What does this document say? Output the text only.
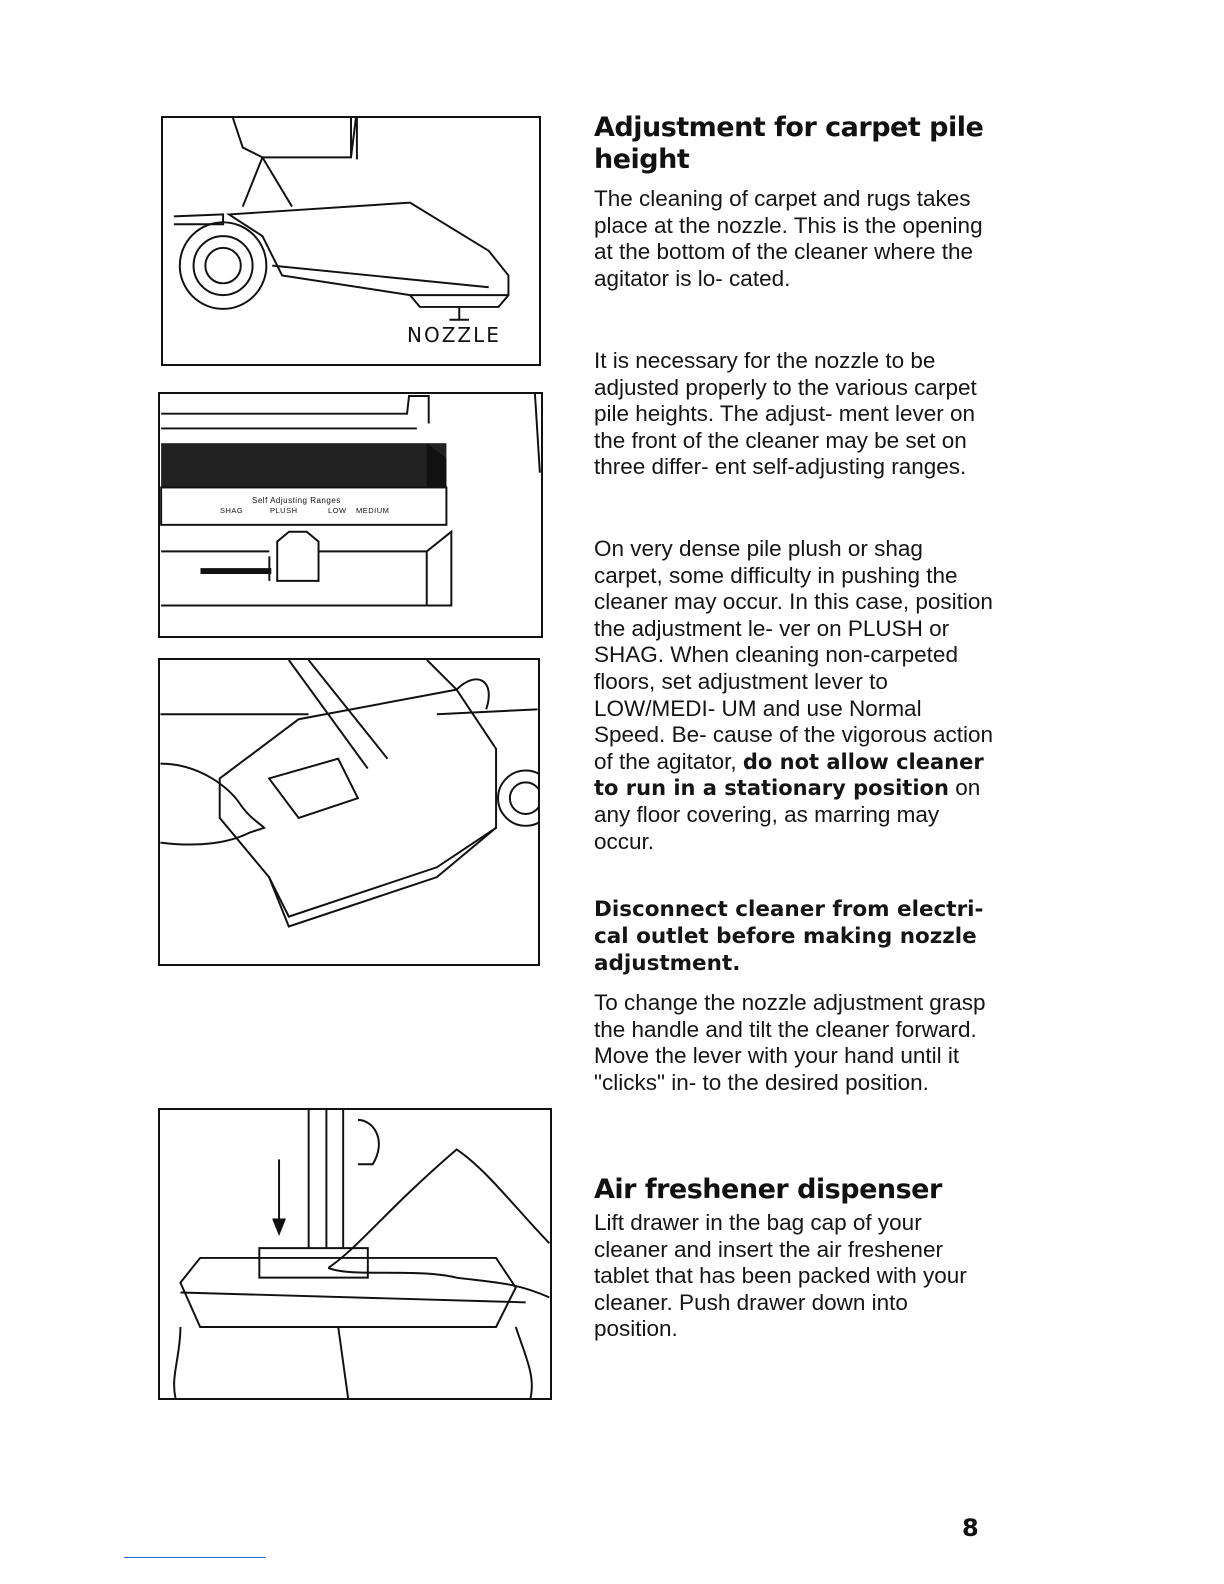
NOZZLE
Self Adjusting Ranges
SHAG	PLUSH	LOW MEDIUM
Adjustment for carpet pile height

The cleaning of carpet and rugs takes place at the nozzle. This is the opening at the bottom of the cleaner where the agitator is lo- cated.

It is necessary for the nozzle to be adjusted properly to the various carpet pile heights. The adjust- ment lever on the front of the cleaner may be set on three differ- ent self-adjusting ranges.

On very dense pile plush or shag carpet, some difficulty in pushing the cleaner may occur. In this case, position the adjustment le- ver on PLUSH or SHAG. When cleaning non-carpeted floors, set adjustment lever to LOW/MEDI- UM and use Normal Speed. Be- cause of the vigorous action of the agitator, do not allow cleaner to run in a stationary position on any floor covering, as marring may occur.

Disconnect cleaner from electri- cal outlet before making nozzle adjustment.

To change the nozzle adjustment grasp the handle and tilt the cleaner forward. Move the lever with your hand until it "clicks" in- to the desired position.

Air freshener dispenser

Lift drawer in the bag cap of your cleaner and insert the air freshener tablet that has been packed with your cleaner. Push drawer down into position.

8
